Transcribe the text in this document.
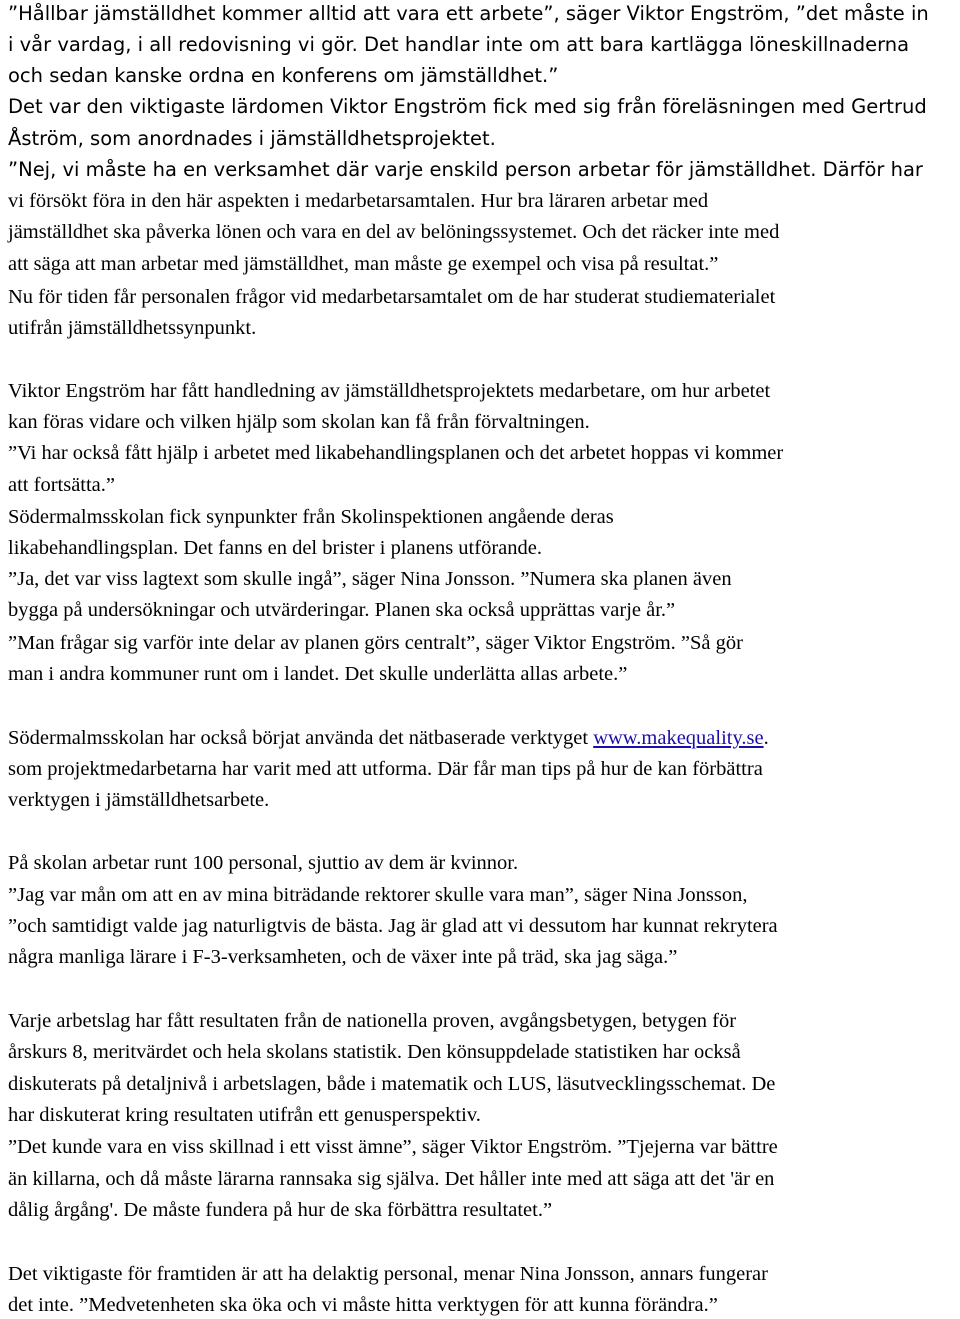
”Hållbar jämställdhet kommer alltid att vara ett arbete”, säger Viktor Engström, ”det måste in
i vår vardag, i all redovisning vi gör. Det handlar inte om att bara kartlägga löneskillnaderna
och sedan kanske ordna en konferens om jämställdhet.”
Det var den viktigaste lärdomen Viktor Engström fick med sig från föreläsningen med Gertrud
Åström, som anordnades i jämställdhetsprojektet.
”Nej, vi måste ha en verksamhet där varje enskild person arbetar för jämställdhet. Därför har
vi försökt föra in den här aspekten i medarbetarsamtalen. Hur bra läraren arbetar med
jämställdhet ska påverka lönen och vara en del av belöningssystemet. Och det räcker inte med
att säga att man arbetar med jämställdhet, man måste ge exempel och visa på resultat.”
Nu för tiden får personalen frågor vid medarbetarsamtalet om de har studerat studiematerialet
utifrån jämställdhetssynpunkt.
Viktor Engström har fått handledning av jämställdhetsprojektets medarbetare, om hur arbetet
kan föras vidare och vilken hjälp som skolan kan få från förvaltningen.
”Vi har också fått hjälp i arbetet med likabehandlingsplanen och det arbetet hoppas vi kommer
att fortsätta.”
Södermalmsskolan fick synpunkter från Skolinspektionen angående deras
likabehandlingsplan. Det fanns en del brister i planens utförande.
”Ja, det var viss lagtext som skulle ingå”, säger Nina Jonsson. ”Numera ska planen även
bygga på undersökningar och utvärderingar. Planen ska också upprättas varje år.”
”Man frågar sig varför inte delar av planen görs centralt”, säger Viktor Engström. ”Så gör
man i andra kommuner runt om i landet. Det skulle underlätta allas arbete.”
Södermalmsskolan har också börjat använda det nätbaserade verktyget www.makequality.se.
som projektmedarbetarna har varit med att utforma. Där får man tips på hur de kan förbättra
verktygen i jämställdhetsarbete.
På skolan arbetar runt 100 personal, sjuttio av dem är kvinnor.
”Jag var mån om att en av mina biträdande rektorer skulle vara man”, säger Nina Jonsson,
”och samtidigt valde jag naturligtvis de bästa. Jag är glad att vi dessutom har kunnat rekrytera
några manliga lärare i F-3-verksamheten, och de växer inte på träd, ska jag säga.”
Varje arbetslag har fått resultaten från de nationella proven, avgångsbetygen, betygen för
årskurs 8, meritvärdet och hela skolans statistik. Den könsuppdelade statistiken har också
diskuterats på detaljnivå i arbetslagen, både i matematik och LUS, läsutvecklingsschemat. De
har diskuterat kring resultaten utifrån ett genusperspektiv.
”Det kunde vara en viss skillnad i ett visst ämne”, säger Viktor Engström. ”Tjejerna var bättre
än killarna, och då måste lärarna rannsaka sig själva. Det håller inte med att säga att det 'är en
dålig årgång'. De måste fundera på hur de ska förbättra resultatet.”
Det viktigaste för framtiden är att ha delaktig personal, menar Nina Jonsson, annars fungerar
det inte. ”Medvetenheten ska öka och vi måste hitta verktygen för att kunna förändra.”
